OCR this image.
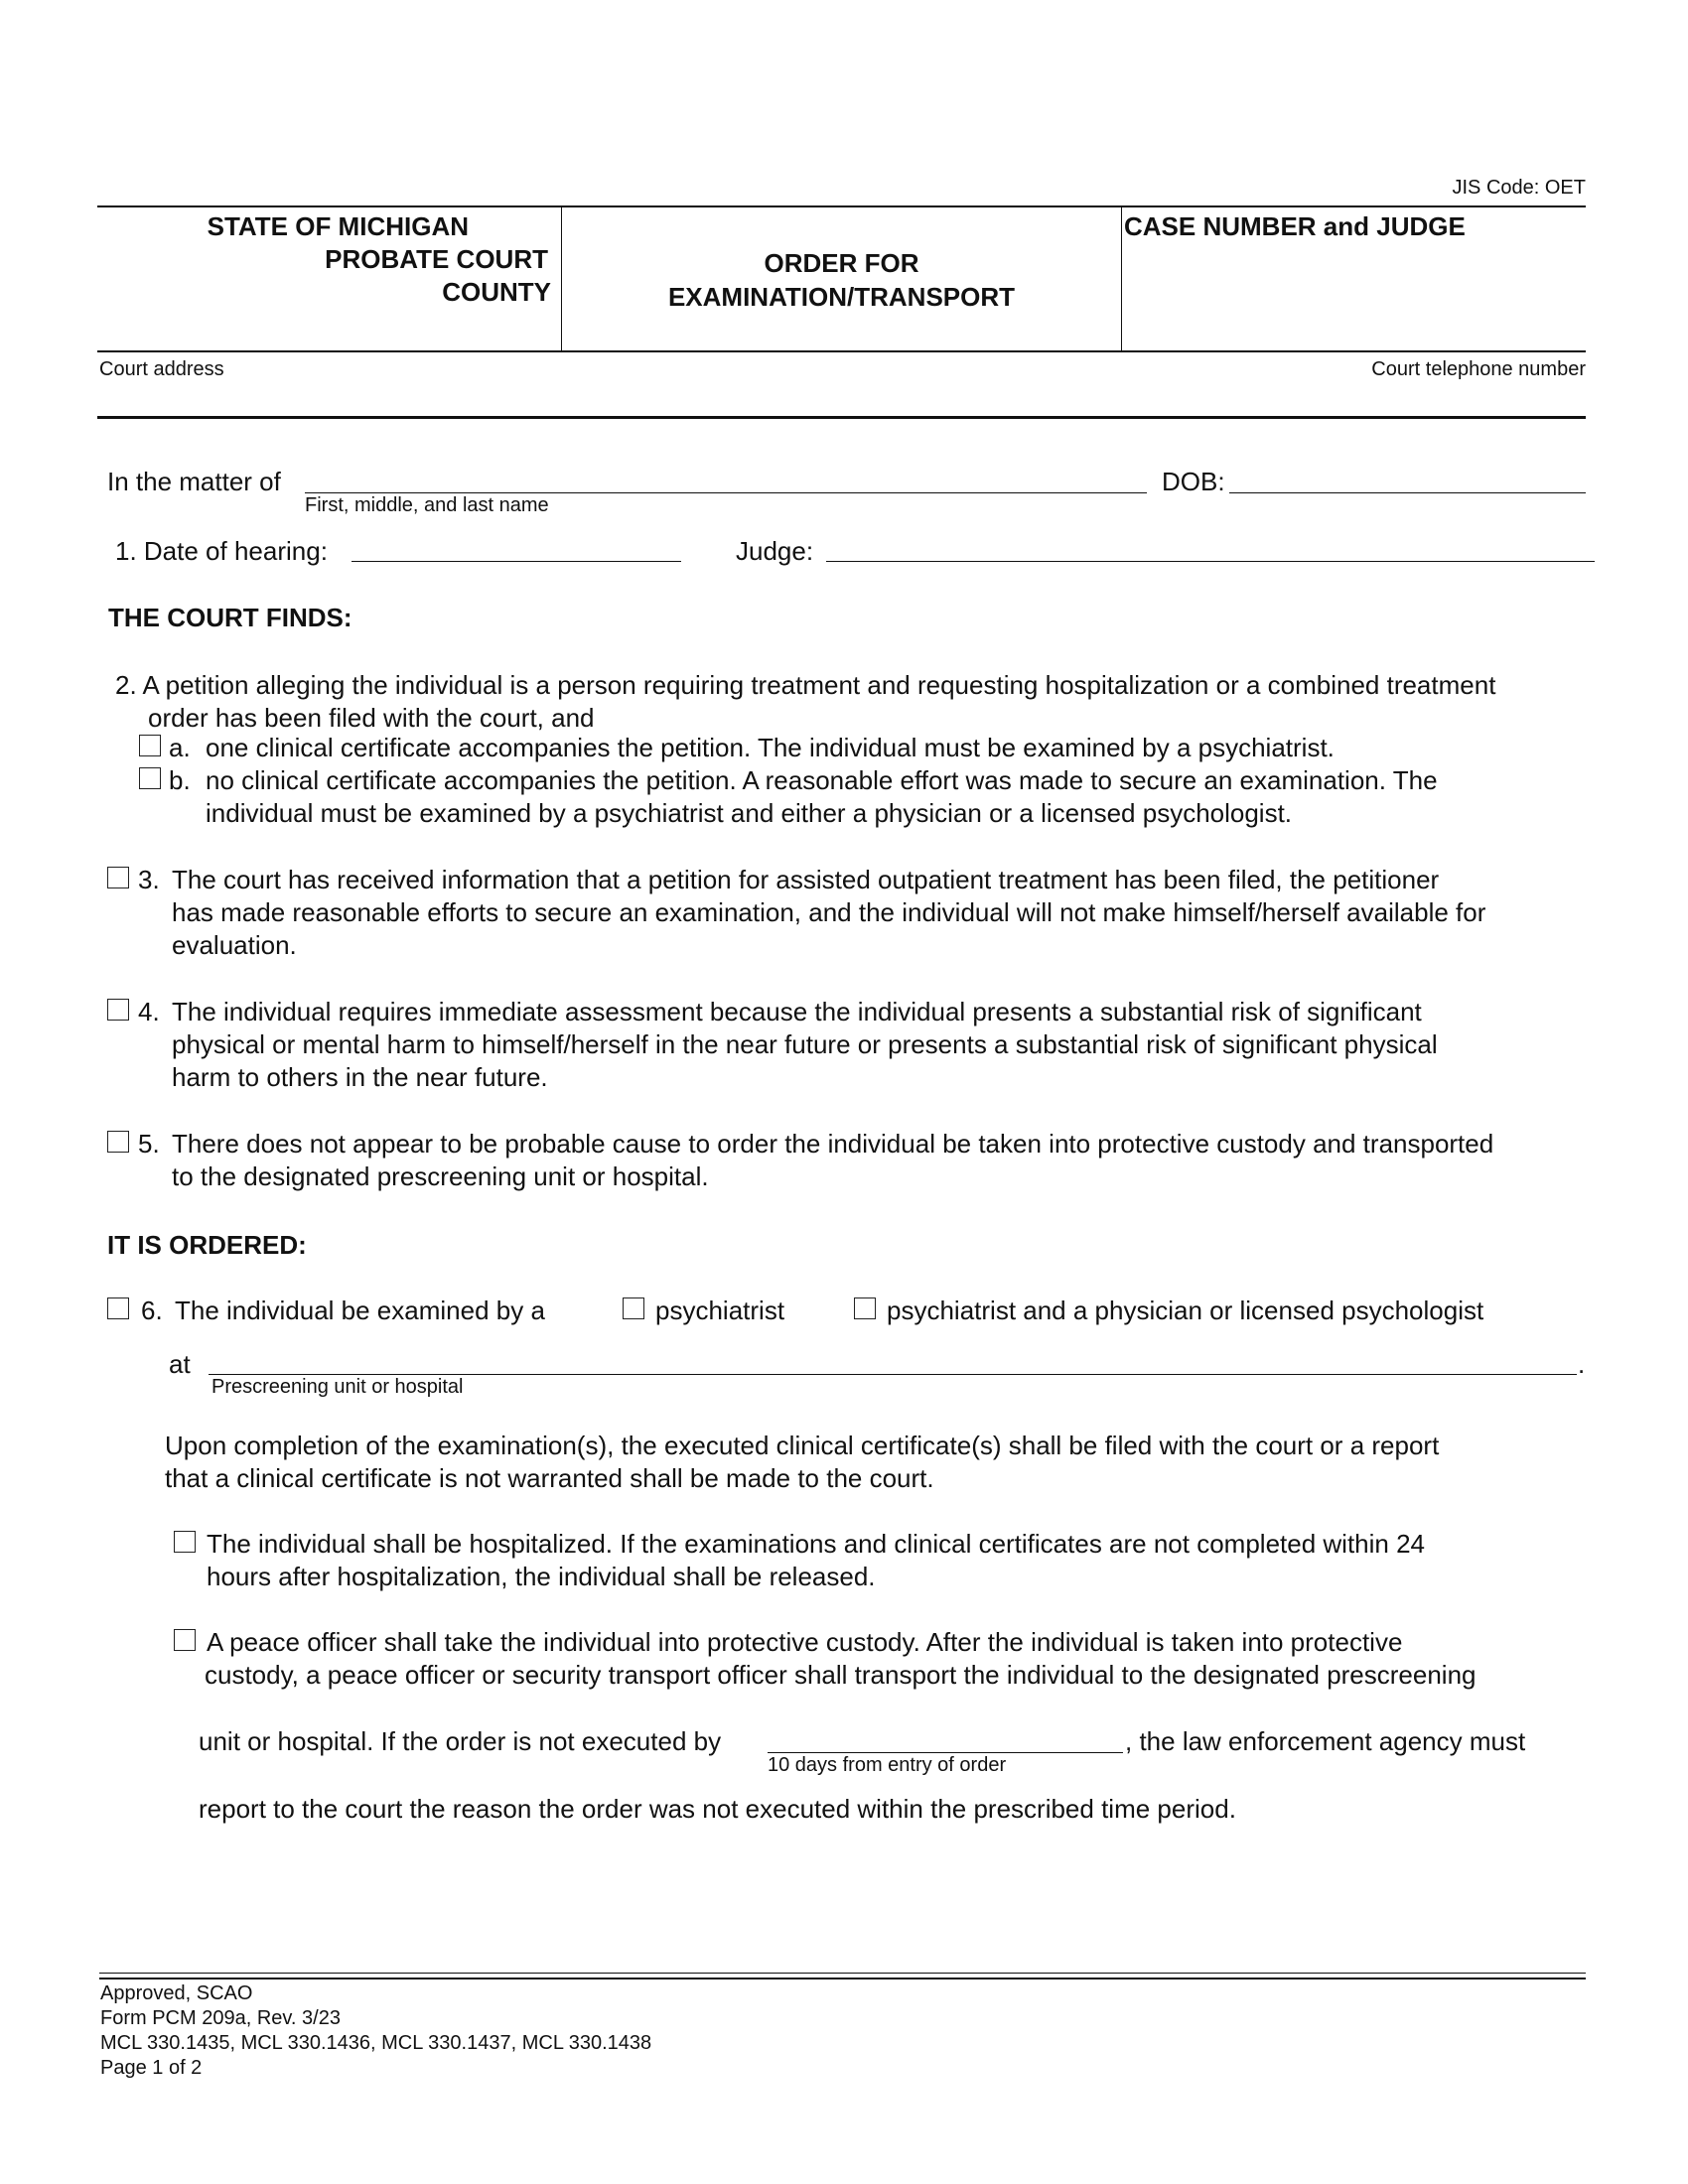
JIS Code: OET
STATE OF MICHIGAN
PROBATE COURT
COUNTY
ORDER FOR
EXAMINATION/TRANSPORT
CASE NUMBER and JUDGE
Court address	Court telephone number
In the matter of
First, middle, and last name
DOB:
1. Date of hearing:	Judge:
THE COURT FINDS:
2. A petition alleging the individual is a person requiring treatment and requesting hospitalization or a combined treatment
order has been filed with the court, and
a. one clinical certificate accompanies the petition. The individual must be examined by a psychiatrist.
b. no clinical certificate accompanies the petition. A reasonable effort was made to secure an examination. The
individual must be examined by a psychiatrist and either a physician or a licensed psychologist.
3. The court has received information that a petition for assisted outpatient treatment has been filed, the petitioner
has made reasonable efforts to secure an examination, and the individual will not make himself/herself available for
evaluation.
4. The individual requires immediate assessment because the individual presents a substantial risk of significant
physical or mental harm to himself/herself in the near future or presents a substantial risk of significant physical
harm to others in the near future.
5. There does not appear to be probable cause to order the individual be taken into protective custody and transported
to the designated prescreening unit or hospital.
IT IS ORDERED:
6. The individual be examined by a	psychiatrist	psychiatrist and a physician or licensed psychologist
at	.
Prescreening unit or hospital
Upon completion of the examination(s), the executed clinical certificate(s) shall be filed with the court or a report
that a clinical certificate is not warranted shall be made to the court.
The individual shall be hospitalized. If the examinations and clinical certificates are not completed within 24
hours after hospitalization, the individual shall be released.
A peace officer shall take the individual into protective custody. After the individual is taken into protective
custody, a peace officer or security transport officer shall transport the individual to the designated prescreening
unit or hospital. If the order is not executed by
10 days from entry of order
, the law enforcement agency must
report to the court the reason the order was not executed within the prescribed time period.
Approved, SCAO
Form PCM 209a, Rev. 3/23
MCL 330.1435, MCL 330.1436, MCL 330.1437, MCL 330.1438
Page 1 of 2
